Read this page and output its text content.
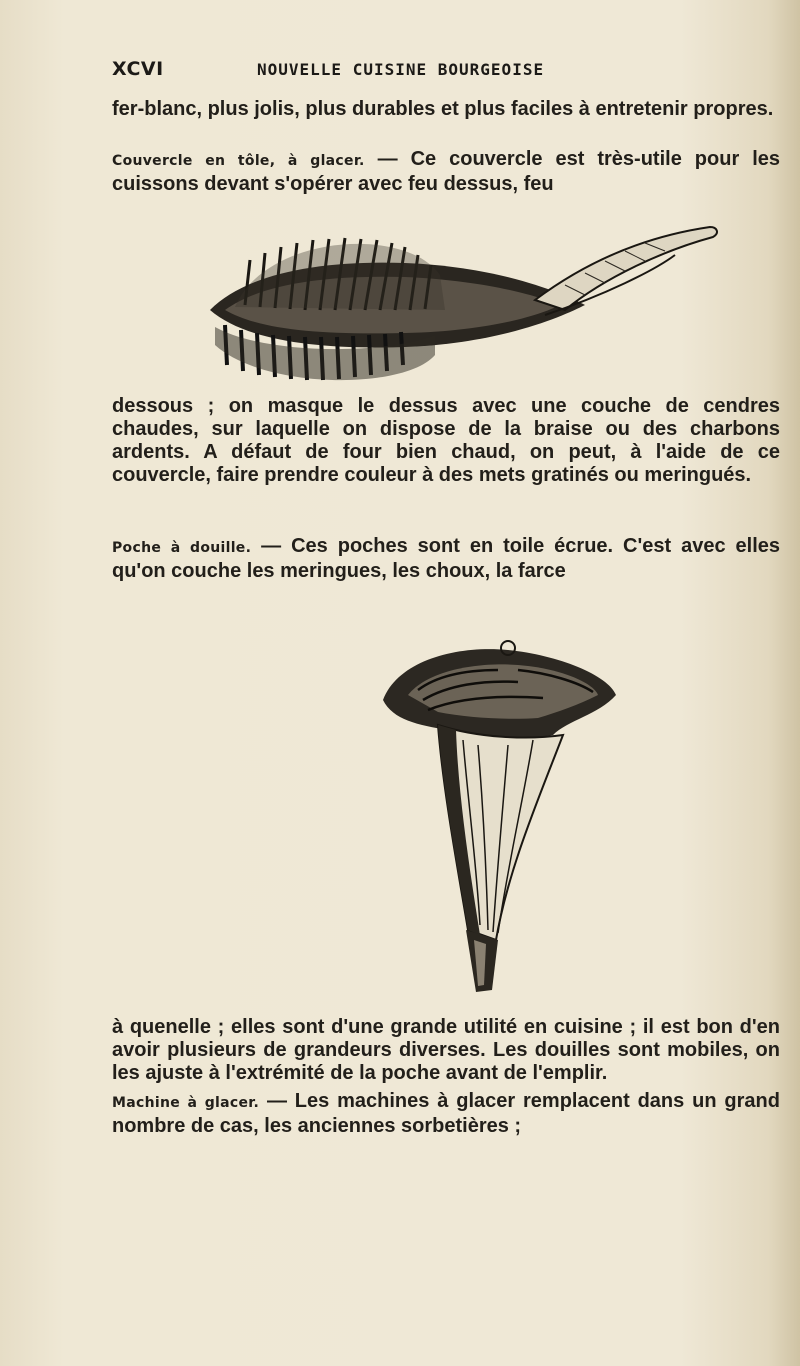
XCVI	NOUVELLE CUISINE BOURGEOISE
fer-blanc, plus jolis, plus durables et plus faciles à entretenir propres.
Couvercle en tôle, à glacer. — Ce couvercle est très-utile pour les cuissons devant s'opérer avec feu dessus, feu
dessous ; on masque le dessus avec une couche de cendres chaudes, sur laquelle on dispose de la braise ou des charbons ardents. A défaut de four bien chaud, on peut, à l'aide de ce couvercle, faire prendre couleur à des mets gratinés ou meringués.
Poche à douille. — Ces poches sont en toile écrue. C'est avec elles qu'on couche les meringues, les choux, la farce
à quenelle ; elles sont d'une grande utilité en cuisine ; il est bon d'en avoir plusieurs de grandeurs diverses. Les douilles sont mobiles, on les ajuste à l'extrémité de la poche avant de l'emplir.
Machine à glacer. — Les machines à glacer remplacent dans un grand nombre de cas, les anciennes sorbetières ;
